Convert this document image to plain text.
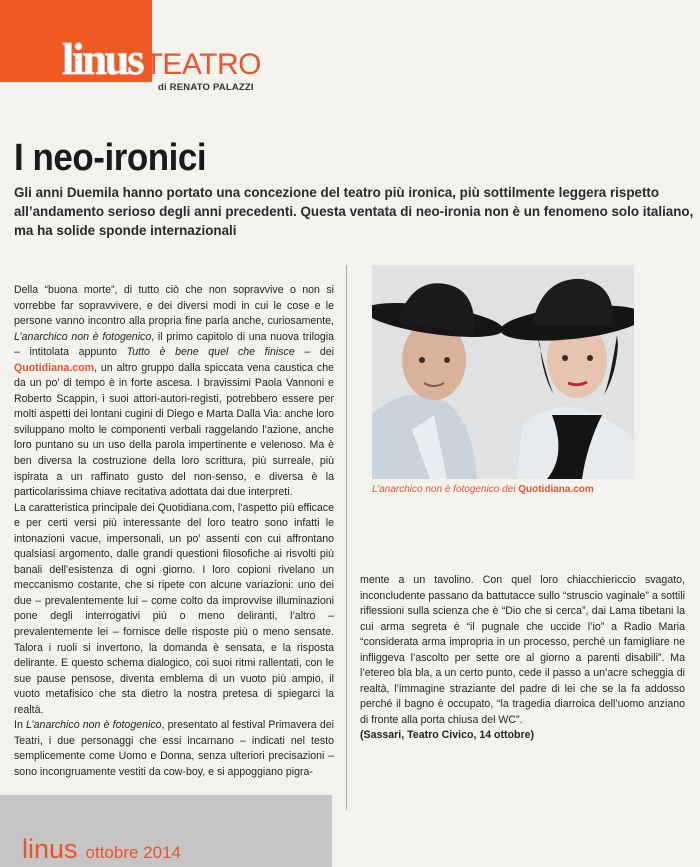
linusTEATRO
di RENATO PALAZZI
I neo-ironici
Gli anni Duemila hanno portato una concezione del teatro più ironica, più sottilmente leggera rispetto all’andamento serioso degli anni precedenti. Questa ventata di neo-ironia non è un fenomeno solo italiano, ma ha solide sponde internazionali

Della “buona morte”, di tutto ciò che non sopravvive o non si vorrebbe far sopravvivere, e dei diversi modi in cui le cose e le persone vanno incontro alla propria fine parla anche, curiosamente, L’anarchico non è fotogenico, il primo capitolo di una nuova trilogia – intitolata appunto Tutto è bene quel che finisce – dei Quotidiana.com, un altro gruppo dalla spiccata vena caustica che da un po’ di tempo è in forte ascesa. I bravissimi Paola Vannoni e Roberto Scappin, i suoi attori-autori-registi, potrebbero essere per molti aspetti dei lontani cugini di Diego e Marta Dalla Via: anche loro sviluppano molto le componenti verbali raggelando l’azione, anche loro puntano su un uso della parola impertinente e velenoso. Ma è ben diversa la costruzione della loro scrittura, più surreale, più ispirata a un raffinato gusto del non-senso, e diversa è la particolarissima chiave recitativa adottata dai due interpreti.

La caratteristica principale dei Quotidiana.com, l’aspetto più efficace e per certi versi più interessante del loro teatro sono infatti le intonazioni vacue, impersonali, un po’ assenti con cui affrontano qualsiasi argomento, dalle grandi questioni filosofiche ai risvolti più banali dell’esistenza di ogni giorno. I loro copioni rivelano un meccanismo costante, che si ripete con alcune variazioni: uno dei due – prevalentemente lui – come colto da improvvise illuminazioni pone degli interrogativi più o meno deliranti, l’altro – prevalentemente lei – fornisce delle risposte più o meno sensate. Talora i ruoli si invertono, la domanda è sensata, e la risposta delirante. E questo schema dialogico, coi suoi ritmi rallentati, con le sue pause pensose, diventa emblema di un vuoto più ampio, il vuoto metafisico che sta dietro la nostra pretesa di spiegarci la realtà.

In L’anarchico non è fotogenico, presentato al festival Primavera dei Teatri, i due personaggi che essi incarnano – indicati nel testo semplicemente come Uomo e Donna, senza ulteriori precisazioni – sono incongruamente vestiti da cow-boy, e si appoggiano pigra-

L’anarchico non è fotogenico dei Quotidiana.com

mente a un tavolino. Con quel loro chiacchiericcio svagato, inconcludente passano da battutacce sullo “struscio vaginale” a sottili riflessioni sulla scienza che è “Dio che si cerca”, dai Lama tibetani la cui arma segreta è “il pugnale che uccide l’io” a Radio Maria “considerata arma impropria in un processo, perché un famigliare ne infliggeva l’ascolto per sette ore al giorno a parenti disabili”. Ma l’etereo bla bla, a un certo punto, cede il passo a un’acre scheggia di realtà, l’immagine straziante del padre di lei che se la fa addosso perché il bagno è occupato, “la tragedia diarroica dell’uomo anziano di fronte alla porta chiusa del WC”.

(Sassari, Teatro Civico, 14 ottobre)

linus ottobre 2014
